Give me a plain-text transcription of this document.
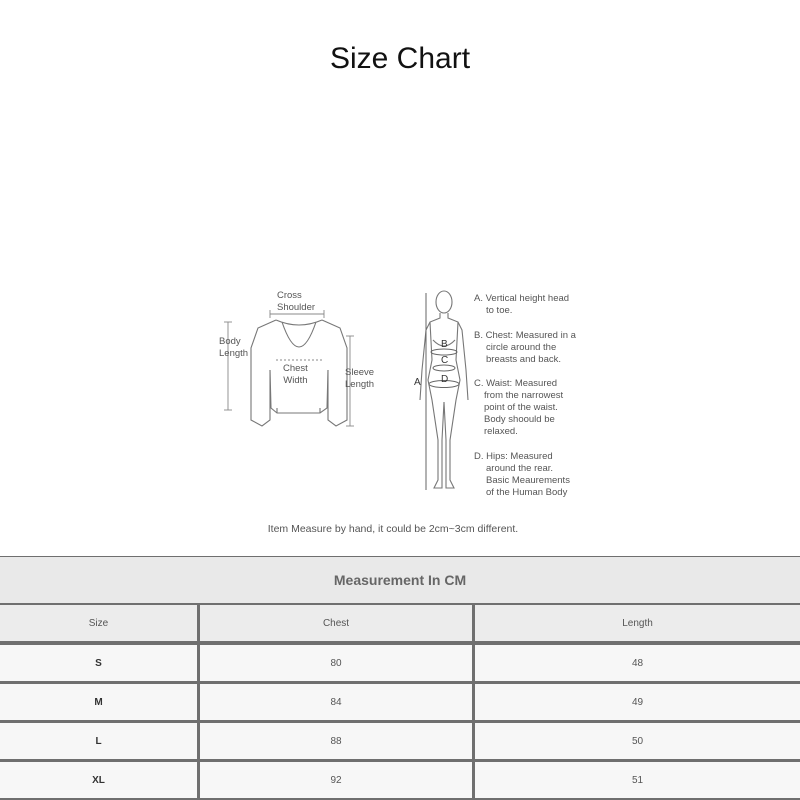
Size Chart
Cross
Shoulder
Body
Length
Chest
Width
Sleeve
Length	A
B
C
D
A. Vertical height head
to toe.
B. Chest: Measured in a
circle around the
breasts and back.
C. Waist: Measured
from the narrowest
point of the waist.
Body shoould be
relaxed.
D. Hips: Measured
around the rear.
Basic Meaurements
of the Human Body
Item Measure by hand, it could be 2cm~3cm different.
Measurement In CM
Size	Chest	Length
S	80	48
M	84	49
L	88	50
XL	92	51
